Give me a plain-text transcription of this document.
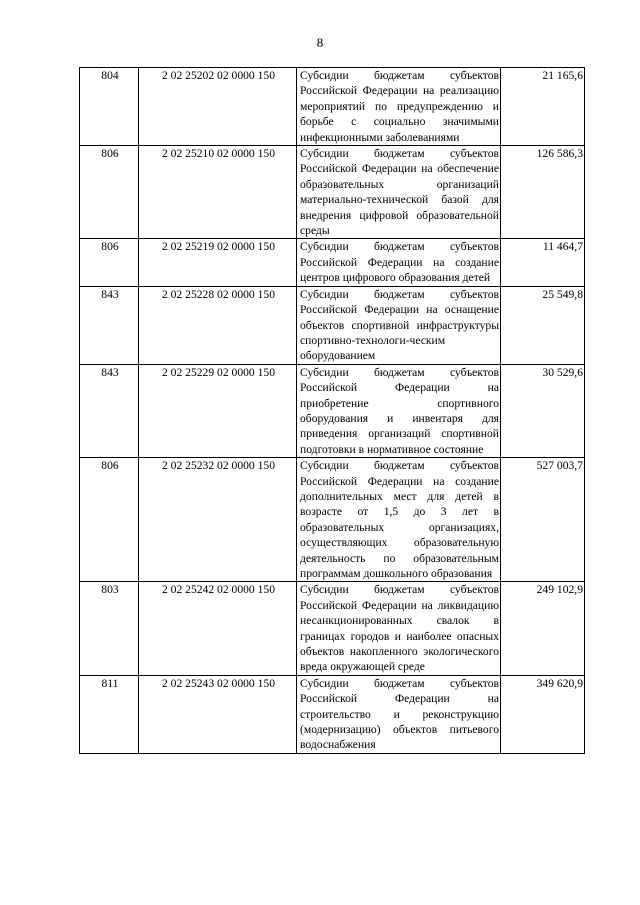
8
804	2 02 25202 02 0000 150	Субсидии бюджетам субъектов Российской Федерации на реализацию мероприятий по предупреждению и борьбе с социально значимыми инфекционными заболеваниями	21 165,6
806	2 02 25210 02 0000 150	Субсидии бюджетам субъектов Российской Федерации на обеспечение образовательных организаций материально-технической базой для внедрения цифровой образовательной среды	126 586,3
806	2 02 25219 02 0000 150	Субсидии бюджетам субъектов Российской Федерации на создание центров цифрового образования детей	11 464,7
843	2 02 25228 02 0000 150	Субсидии бюджетам субъектов Российской Федерации на оснащение объектов спортивной инфраструктуры спортивно-технологи-ческим оборудованием	25 549,8
843	2 02 25229 02 0000 150	Субсидии бюджетам субъектов Российской Федерации на приобретение спортивного оборудования и инвентаря для приведения организаций спортивной подготовки в нормативное состояние	30 529,6
806	2 02 25232 02 0000 150	Субсидии бюджетам субъектов Российской Федерации на создание дополнительных мест для детей в возрасте от 1,5 до 3 лет в образовательных организациях, осуществляющих образовательную деятельность по образовательным программам дошкольного образования	527 003,7
803	2 02 25242 02 0000 150	Субсидии бюджетам субъектов Российской Федерации на ликвидацию несанкционированных свалок в границах городов и наиболее опасных объектов накопленного экологического вреда окружающей среде	249 102,9
811	2 02 25243 02 0000 150	Субсидии бюджетам субъектов Российской Федерации на строительство и реконструкцию (модернизацию) объектов питьевого водоснабжения	349 620,9
